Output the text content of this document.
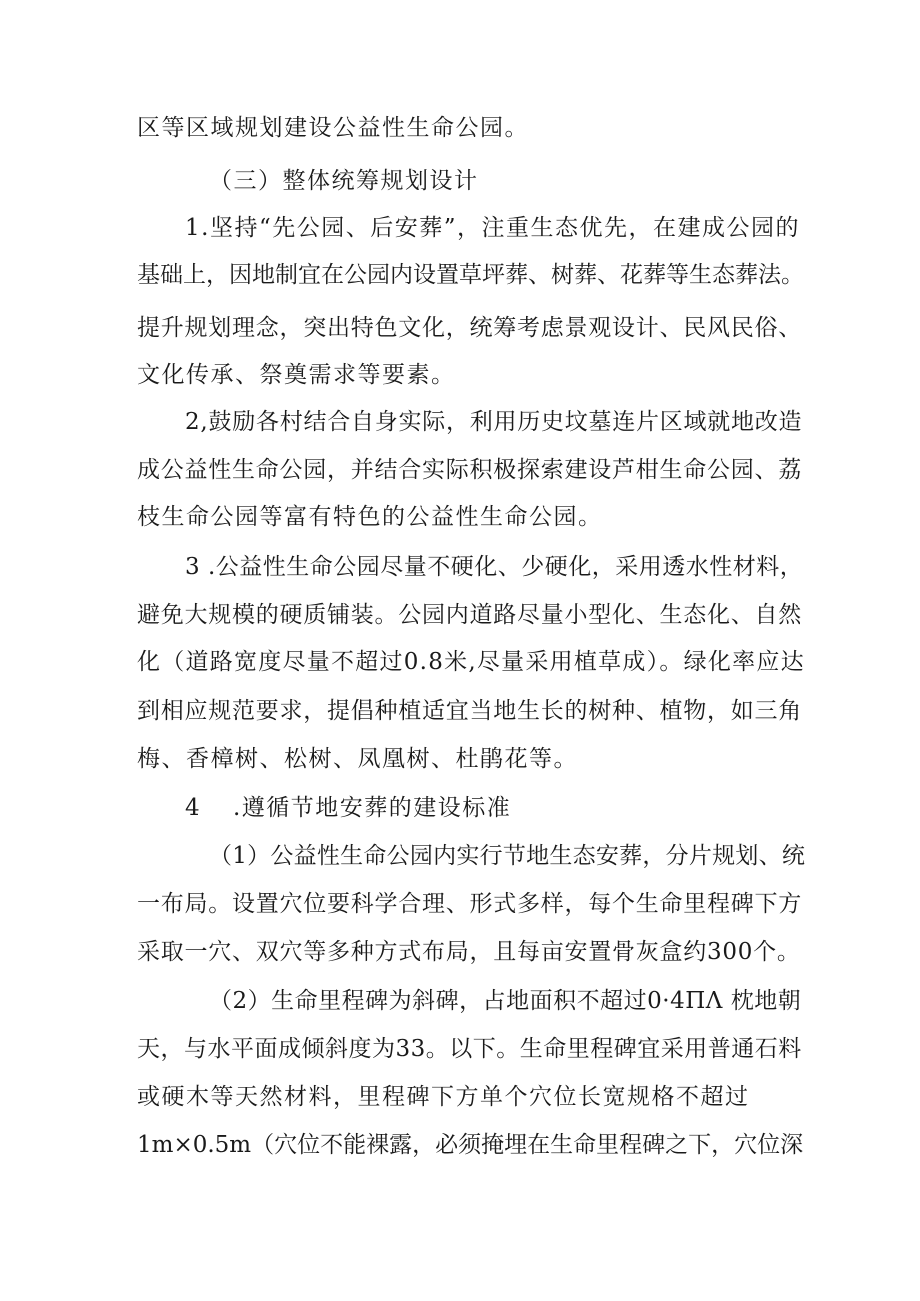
区等区域规划建设公益性生命公园。

（三）整体统筹规划设计

1.坚持“先公园、后安葬”，注重生态优先，在建成公园的

基础上，因地制宜在公园内设置草坪葬、树葬、花葬等生态葬法。

提升规划理念，突出特色文化，统筹考虑景观设计、民风民俗、

文化传承、祭奠需求等要素。

2,鼓励各村结合自身实际，利用历史坟墓连片区域就地改造

成公益性生命公园，并结合实际积极探索建设芦柑生命公园、荔

枝生命公园等富有特色的公益性生命公园。

3 .公益性生命公园尽量不硬化、少硬化，采用透水性材料，

避免大规模的硬质铺装。公园内道路尽量小型化、生态化、自然

化（道路宽度尽量不超过0.8米,尽量采用植草成）。绿化率应达

到相应规范要求，提倡种植适宜当地生长的树种、植物，如三角

梅、香樟树、松树、凤凰树、杜鹃花等。

4 .遵循节地安葬的建设标准

（1）公益性生命公园内实行节地生态安葬，分片规划、统

一布局。设置穴位要科学合理、形式多样，每个生命里程碑下方

采取一穴、双穴等多种方式布局，且每亩安置骨灰盒约300个。

（2）生命里程碑为斜碑，占地面积不超过0·4ΠΛ 枕地朝

天，与水平面成倾斜度为33。以下。生命里程碑宜采用普通石料

或硬木等天然材料，里程碑下方单个穴位长宽规格不超过

1m×0.5m（穴位不能裸露，必须掩埋在生命里程碑之下，穴位深
